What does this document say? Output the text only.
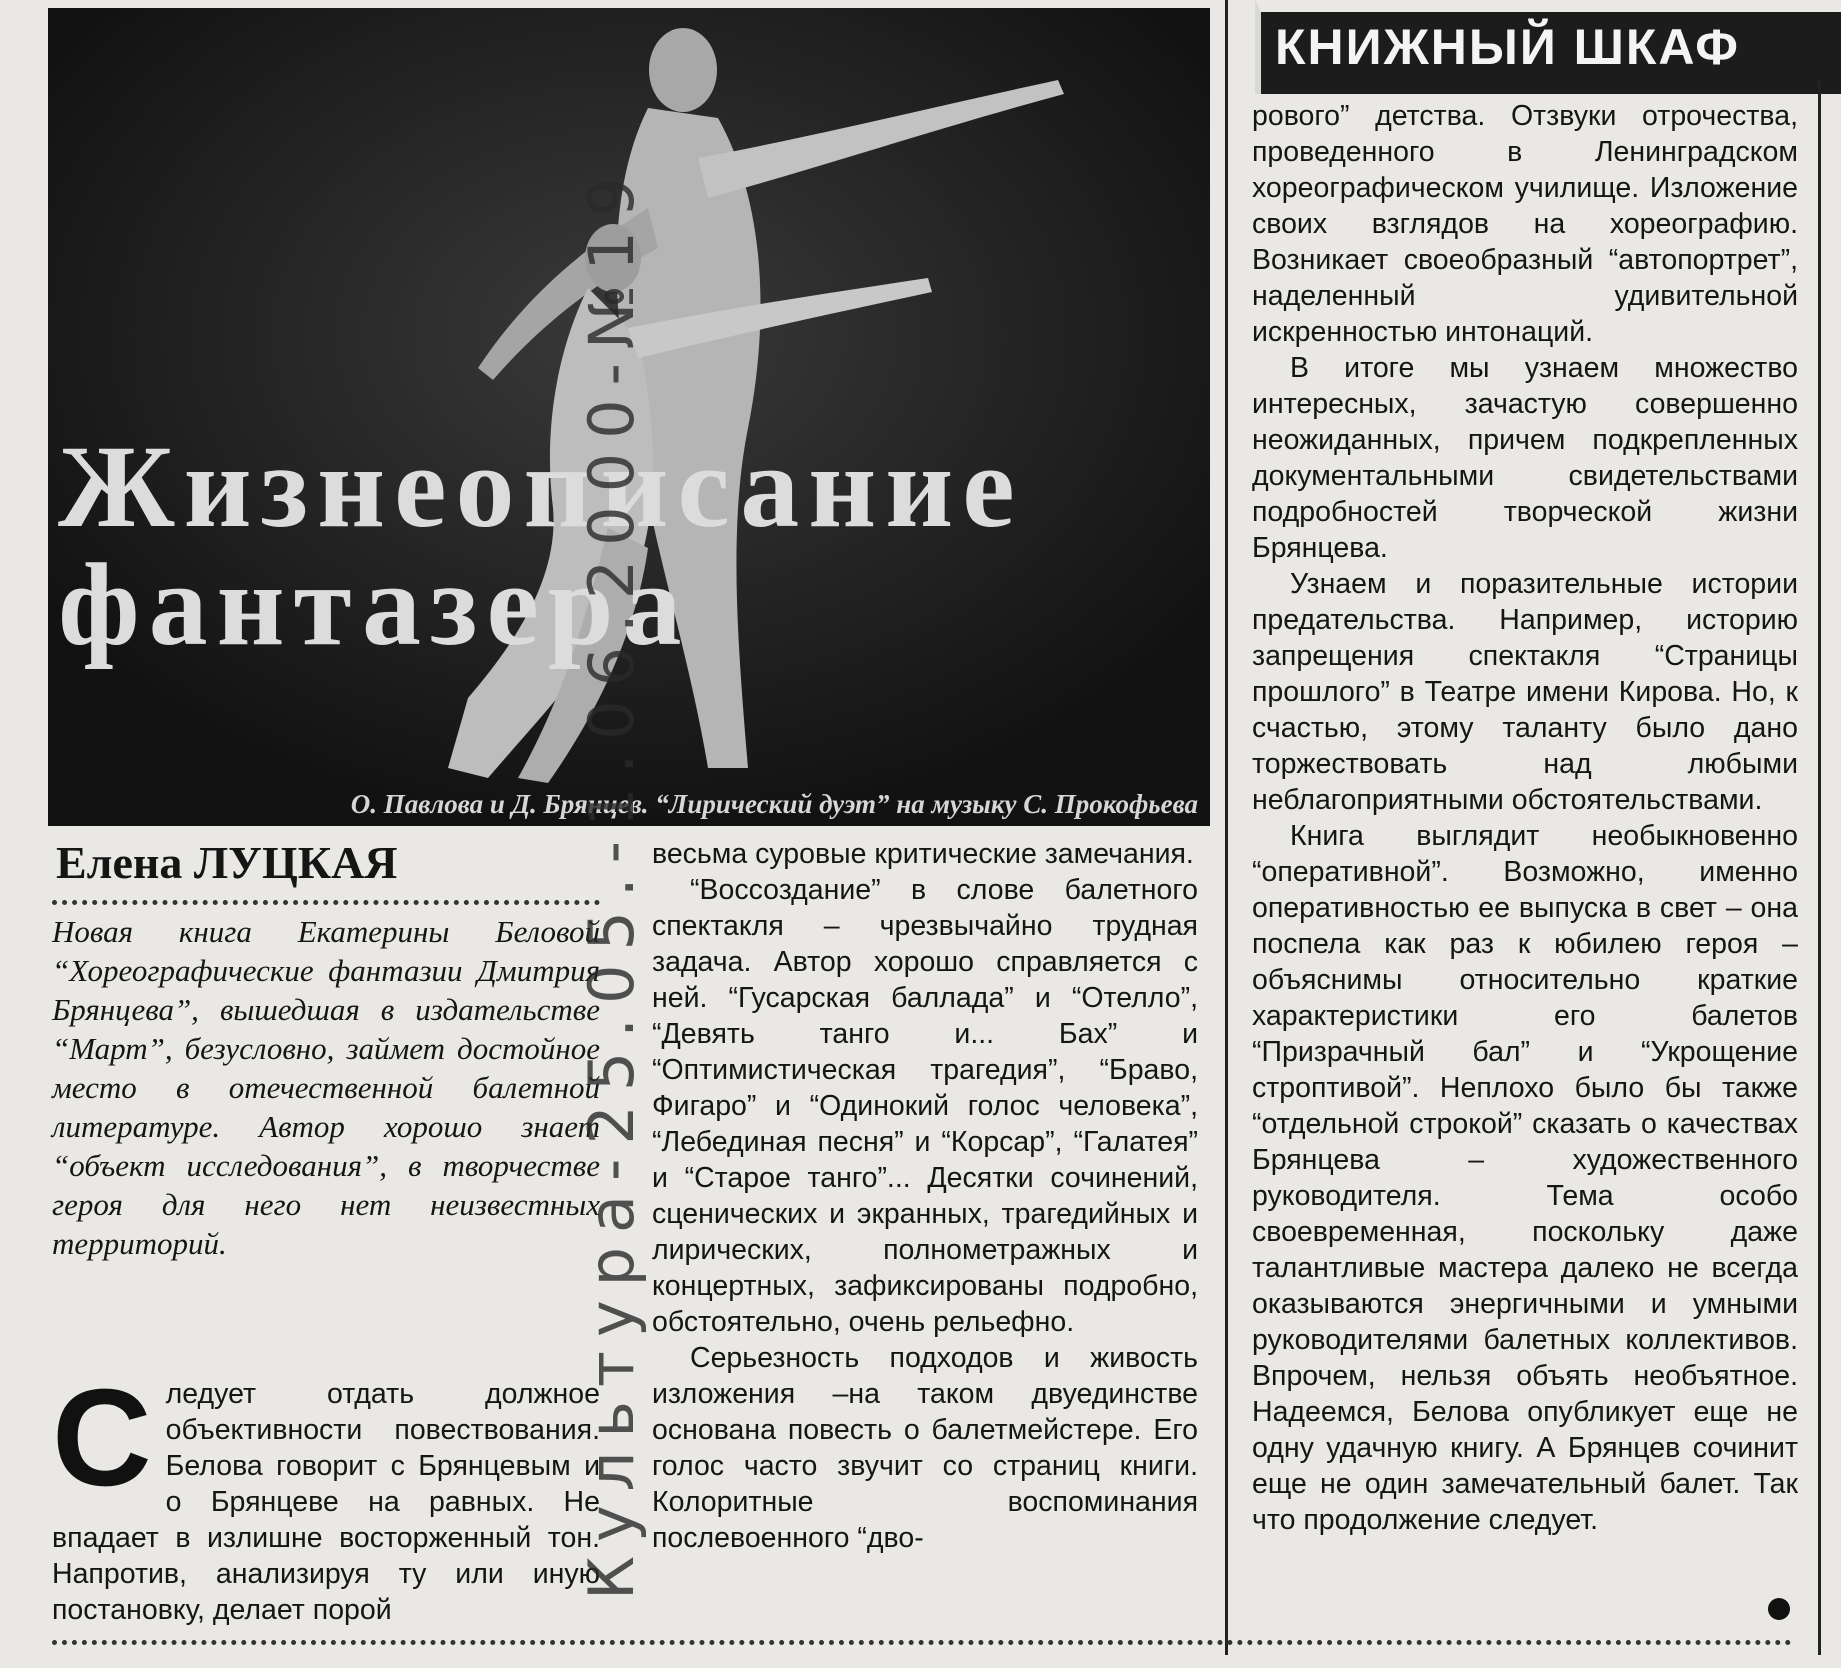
Жизнеописание
фантазера

О. Павлова и Д. Брянцев. “Лирический дуэт” на музыку С. Прокофьева

КНИЖНЫЙ ШКАФ
Елена ЛУЦКАЯ

Новая книга Екатерины Беловой “Хореографические фантазии Дмитрия Брянцева”, вышедшая в издательстве “Март”, безусловно, займет достойное место в отечественной балетной литературе. Автор хорошо знает “объект исследования”, в творчестве героя для него нет неизвестных территорий.

С ледует отдать должное объективности повествования. Белова говорит с Брянцевым и о Брянцеве на равных. Не впадает в излишне восторженный тон. Напротив, анализируя ту или иную постановку, делает порой

весьма суровые критические замечания.

“Воссоздание” в слове балетного спектакля – чрезвычайно трудная задача. Автор хорошо справляется с ней. “Гусарская баллада” и “Отелло”, “Девять танго и... Бах” и “Оптимистическая трагедия”, “Браво, Фигаро” и “Одинокий голос человека”, “Лебединая песня” и “Корсар”, “Галатея” и “Старое танго”... Десятки сочинений, сценических и экранных, трагедийных и лирических, полнометражных и концертных, зафиксированы подробно, обстоятельно, очень рельефно.

Серьезность подходов и живость изложения –на таком двуединстве основана повесть о балетмейстере. Его голос часто звучит со страниц книги. Колоритные воспоминания послевоенного “дво-

рового” детства. Отзвуки отрочества, проведенного в Ленинградском хореографическом училище. Изложение своих взглядов на хореографию. Возникает своеобразный “автопортрет”, наделенный удивительной искренностью интонаций.

В итоге мы узнаем множество интересных, зачастую совершенно неожиданных, причем подкрепленных документальными свидетельствами подробностей творческой жизни Брянцева.

Узнаем и поразительные истории предательства. Например, историю запрещения спектакля “Страницы прошлого” в Театре имени Кирова. Но, к счастью, этому таланту было дано торжествовать над любыми неблагоприятными обстоятельствами.

Книга выглядит необыкновенно “оперативной”. Возможно, именно оперативностью ее выпуска в свет – она поспела как раз к юбилею героя – объяснимы относительно краткие характеристики его балетов “Призрачный бал” и “Укрощение строптивой”. Неплохо было бы также “отдельной строкой” сказать о качествах Брянцева – художественного руководителя. Тема особо своевременная, поскольку даже талантливые мастера далеко не всегда оказываются энергичными и умными руководителями балетных коллективов. Впрочем, нельзя объять необъятное. Надеемся, Белова опубликует еще не одну удачную книгу. А Брянцев сочинит еще не один замечательный балет. Так что продолжение следует.

Культура-25.05.-1.06.2000-№19
